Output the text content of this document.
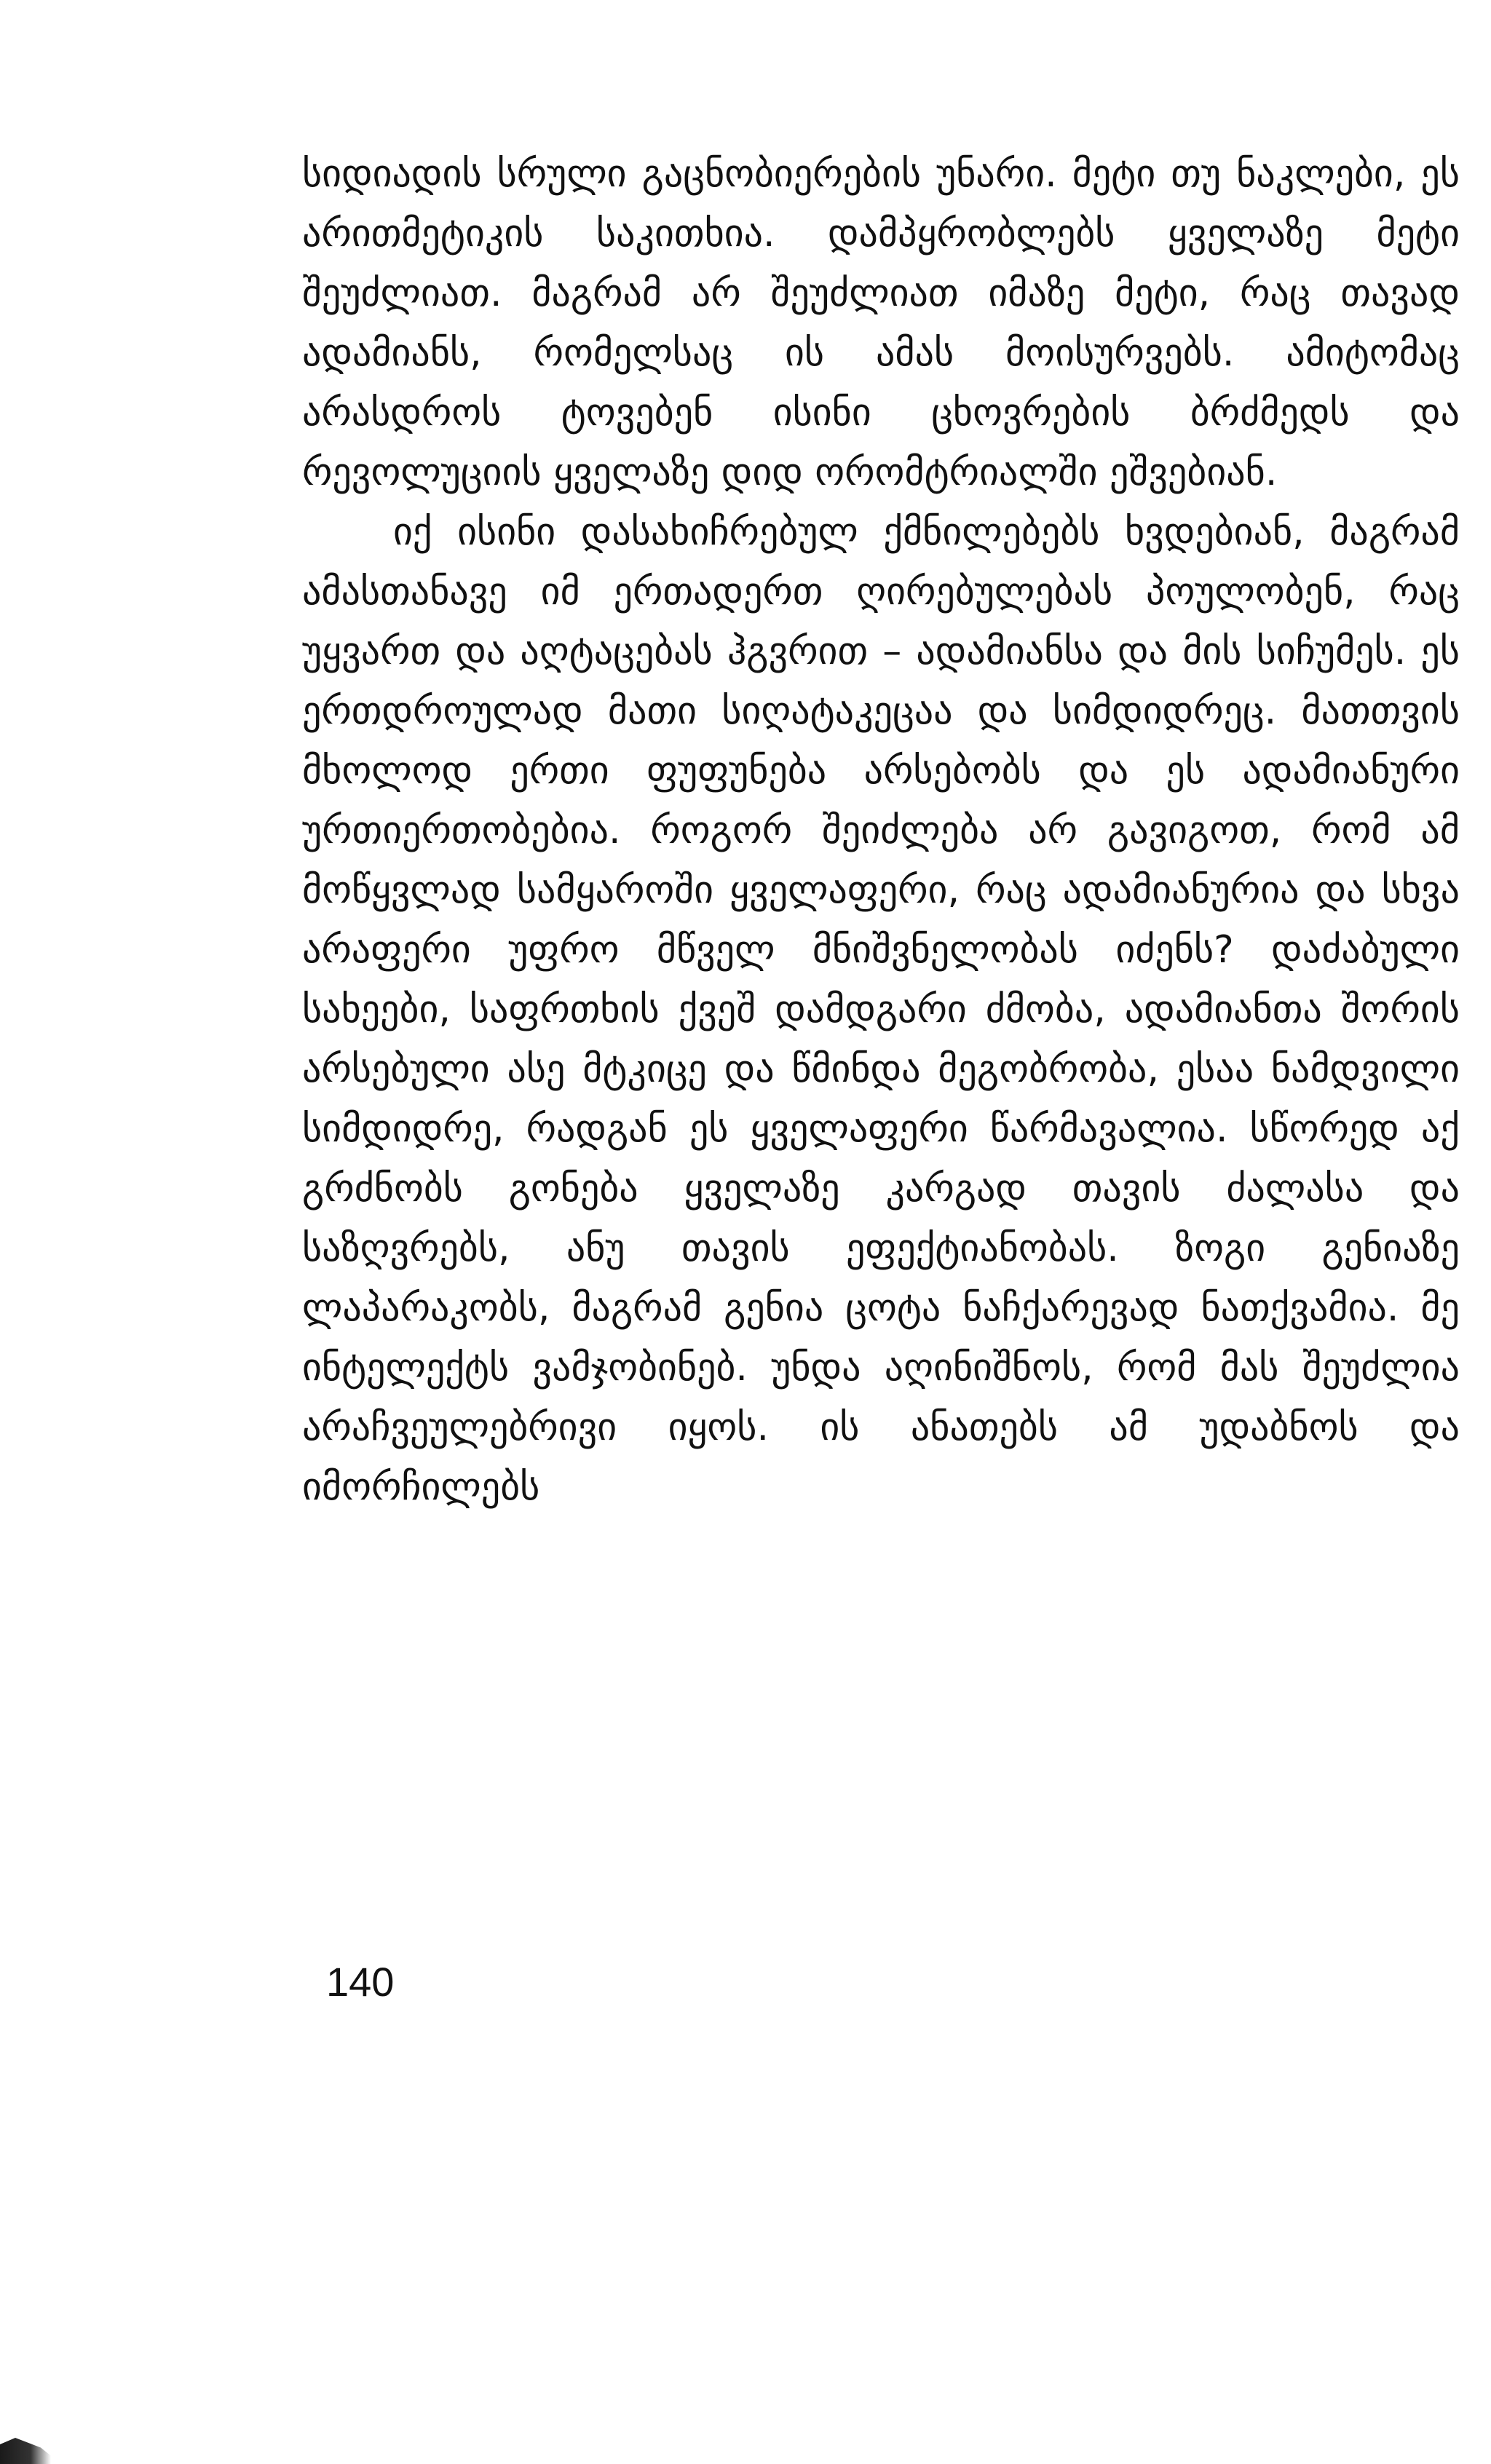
სიდიადის სრული გაცნობიერების უნარი. მეტი თუ ნაკლები, ეს არითმეტიკის საკითხია. დამპყრობლებს ყველაზე მეტი შეუძლიათ. მაგრამ არ შეუძლიათ იმაზე მეტი, რაც თავად ადამიანს, რომელსაც ის ამას მოისურვებს. ამიტომაც არასდროს ტოვებენ ისინი ცხოვრების ბრძმედს და რევოლუციის ყველაზე დიდ ორომტრიალში ეშვებიან.

იქ ისინი დასახიჩრებულ ქმნილებებს ხვდებიან, მაგრამ ამასთანავე იმ ერთადერთ ღირებულებას პოულობენ, რაც უყვართ და აღტაცებას ჰგვრით – ადამიანსა და მის სიჩუმეს. ეს ერთდროულად მათი სიღატაკეცაა და სიმდიდრეც. მათთვის მხოლოდ ერთი ფუფუნება არსებობს და ეს ადამიანური ურთიერთობებია. როგორ შეიძლება არ გავიგოთ, რომ ამ მოწყვლად სამყაროში ყველაფერი, რაც ადამიანურია და სხვა არაფერი უფრო მწველ მნიშვნელობას იძენს? დაძაბული სახეები, საფრთხის ქვეშ დამდგარი ძმობა, ადამიანთა შორის არსებული ასე მტკიცე და წმინდა მეგობრობა, ესაა ნამდვილი სიმდიდრე, რადგან ეს ყველაფერი წარმავალია. სწორედ აქ გრძნობს გონება ყველაზე კარგად თავის ძალასა და საზღვრებს, ანუ თავის ეფექტიანობას. ზოგი გენიაზე ლაპარაკობს, მაგრამ გენია ცოტა ნაჩქარევად ნათქვამია. მე ინტელექტს ვამჯობინებ. უნდა აღინიშნოს, რომ მას შეუძლია არაჩვეულებრივი იყოს. ის ანათებს ამ უდაბნოს და იმორჩილებს

140
